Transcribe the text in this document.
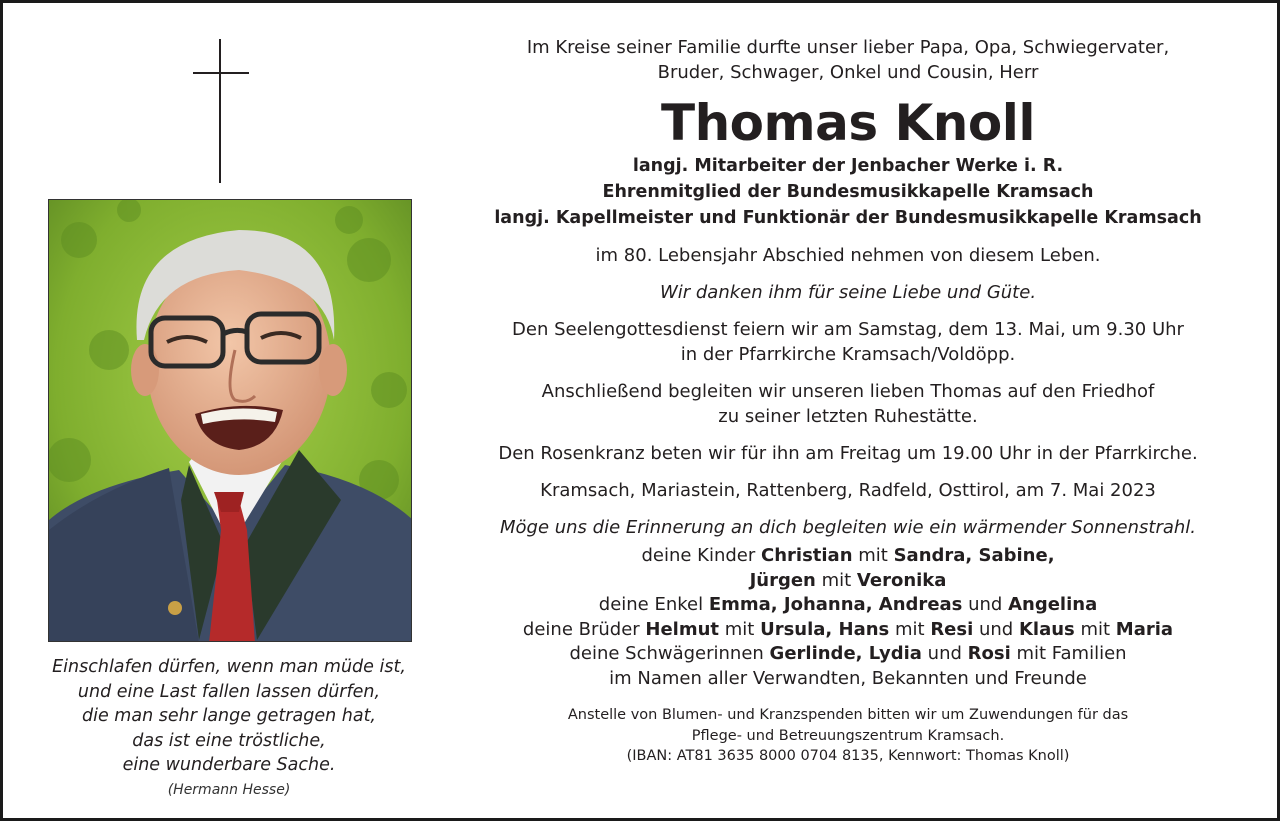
Einschlafen dürfen, wenn man müde ist,
und eine Last fallen lassen dürfen,
die man sehr lange getragen hat,
das ist eine tröstliche,
eine wunderbare Sache.
(Hermann Hesse)
Im Kreise seiner Familie durfte unser lieber Papa, Opa, Schwiegervater,
Bruder, Schwager, Onkel und Cousin, Herr
Thomas Knoll
langj. Mitarbeiter der Jenbacher Werke i. R.
Ehrenmitglied der Bundesmusikkapelle Kramsach
langj. Kapellmeister und Funktionär der Bundesmusikkapelle Kramsach
im 80. Lebensjahr Abschied nehmen von diesem Leben.
Wir danken ihm für seine Liebe und Güte.
Den Seelengottesdienst feiern wir am Samstag, dem 13. Mai, um 9.30 Uhr
in der Pfarrkirche Kramsach/Voldöpp.
Anschließend begleiten wir unseren lieben Thomas auf den Friedhof
zu seiner letzten Ruhestätte.
Den Rosenkranz beten wir für ihn am Freitag um 19.00 Uhr in der Pfarrkirche.
Kramsach, Mariastein, Rattenberg, Radfeld, Osttirol, am 7. Mai 2023
Möge uns die Erinnerung an dich begleiten wie ein wärmender Sonnenstrahl.
deine Kinder Christian mit Sandra, Sabine,
Jürgen mit Veronika
deine Enkel Emma, Johanna, Andreas und Angelina
deine Brüder Helmut mit Ursula, Hans mit Resi und Klaus mit Maria
deine Schwägerinnen Gerlinde, Lydia und Rosi mit Familien
im Namen aller Verwandten, Bekannten und Freunde
Anstelle von Blumen- und Kranzspenden bitten wir um Zuwendungen für das
Pflege- und Betreuungszentrum Kramsach.
(IBAN: AT81 3635 8000 0704 8135, Kennwort: Thomas Knoll)
